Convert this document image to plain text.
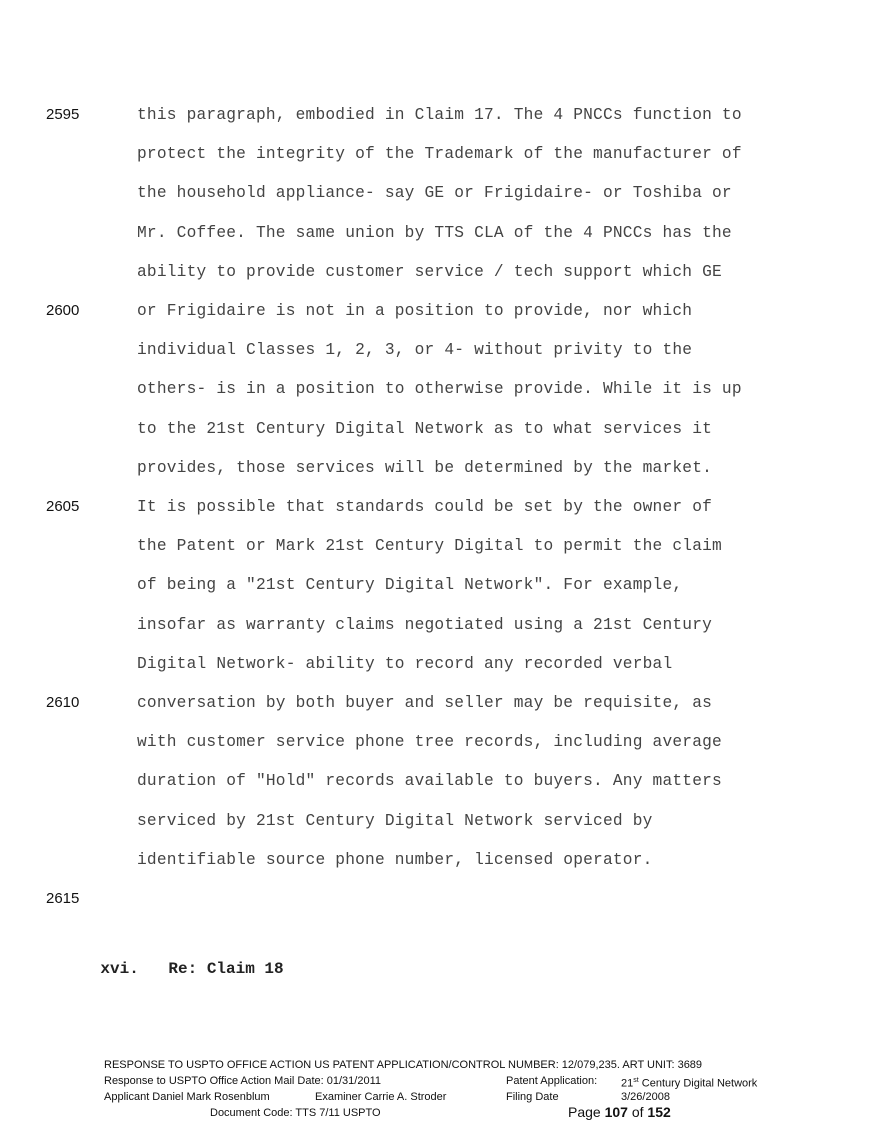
2595	this paragraph, embodied in Claim 17. The 4 PNCCs function to
protect the integrity of the Trademark of the manufacturer of
the household appliance- say GE or Frigidaire- or Toshiba or
Mr. Coffee. The same union by TTS CLA of the 4 PNCCs has the
ability to provide customer service / tech support which GE
2600	or Frigidaire is not in a position to provide, nor which
individual Classes 1, 2, 3, or 4- without privity to the
others- is in a position to otherwise provide. While it is up
to the 21st Century Digital Network as to what services it
provides, those services will be determined by the market.
2605	It is possible that standards could be set by the owner of
the Patent or Mark 21st Century Digital to permit the claim
of being a "21st Century Digital Network". For example,
insofar as warranty claims negotiated using a 21st Century
Digital Network- ability to record any recorded verbal
2610	conversation by both buyer and seller may be requisite, as
with customer service phone tree records, including average
duration of "Hold" records available to buyers. Any matters
serviced by 21st Century Digital Network serviced by
identifiable source phone number, licensed operator.
2615

xvi. Re: Claim 18

RESPONSE TO USPTO OFFICE ACTION US PATENT APPLICATION/CONTROL NUMBER: 12/079,235. ART UNIT: 3689
Response to USPTO Office Action Mail Date: 01/31/2011	Patent Application: 21st Century Digital Network
Applicant Daniel Mark Rosenblum	Examiner Carrie A. Stroder	Filing Date	3/26/2008
Document Code: TTS 7/11 USPTO	Page 107 of 152
